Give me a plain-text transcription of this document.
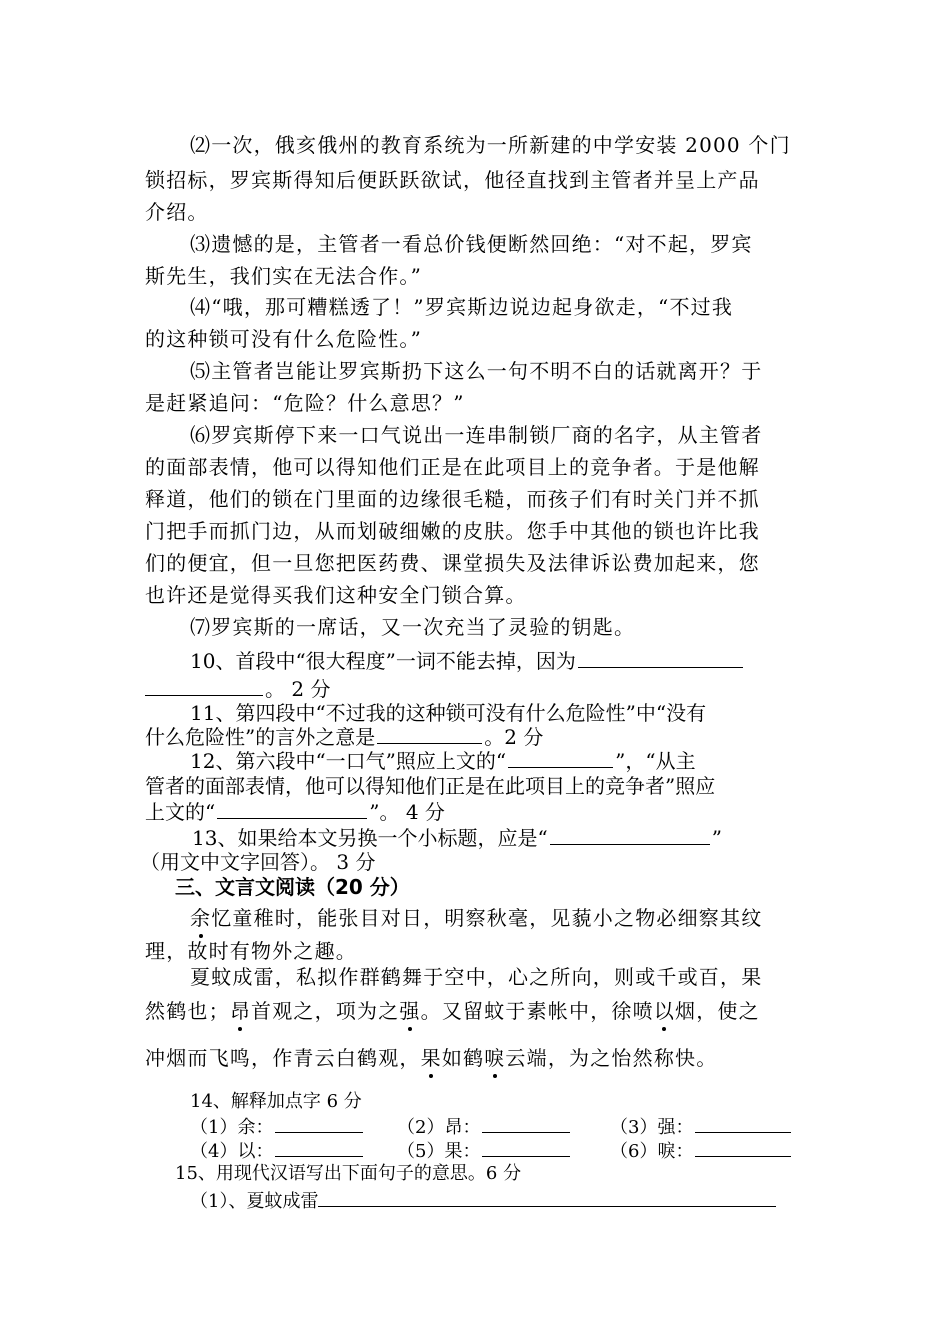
⑵一次，俄亥俄州的教育系统为一所新建的中学安装 2000 个门
锁招标，罗宾斯得知后便跃跃欲试，他径直找到主管者并呈上产品
介绍。
⑶遗憾的是，主管者一看总价钱便断然回绝：“对不起，罗宾
斯先生，我们实在无法合作。”
⑷“哦，那可糟糕透了！”罗宾斯边说边起身欲走，“不过我
的这种锁可没有什么危险性。”
⑸主管者岂能让罗宾斯扔下这么一句不明不白的话就离开？于
是赶紧追问：“危险？什么意思？”
⑹罗宾斯停下来一口气说出一连串制锁厂商的名字，从主管者
的面部表情，他可以得知他们正是在此项目上的竞争者。于是他解
释道，他们的锁在门里面的边缘很毛糙，而孩子们有时关门并不抓
门把手而抓门边，从而划破细嫩的皮肤。您手中其他的锁也许比我
们的便宜，但一旦您把医药费、课堂损失及法律诉讼费加起来，您
也许还是觉得买我们这种安全门锁合算。
⑺罗宾斯的一席话，又一次充当了灵验的钥匙。
10、首段中“很大程度”一词不能去掉，因为
。 2 分
11、第四段中“不过我的这种锁可没有什么危险性”中“没有
什么危险性”的言外之意是	。2 分
12、第六段中“一口气”照应上文的“	”，“从主
管者的面部表情，他可以得知他们正是在此项目上的竞争者”照应
上文的“	”。 4 分
13、如果给本文另换一个小标题，应是“	”
（用文中文字回答）。 3 分
三、文言文阅读（20 分）
余忆童稚时，能张目对日，明察秋毫，见藐小之物必细察其纹
理，故时有物外之趣。
夏蚊成雷，私拟作群鹤舞于空中，心之所向，则或千或百，果
然鹤也；昂首观之，项为之强。又留蚊于素帐中，徐喷以烟，使之
冲烟而飞鸣，作青云白鹤观，果如鹤唳云端，为之怡然称快。
14、解释加点字 6 分
（1）余：	（2）昂：	（3）强：
（4）以：	（5）果：	（6）唳：
15、用现代汉语写出下面句子的意思。6 分
（1）、夏蚊成雷
